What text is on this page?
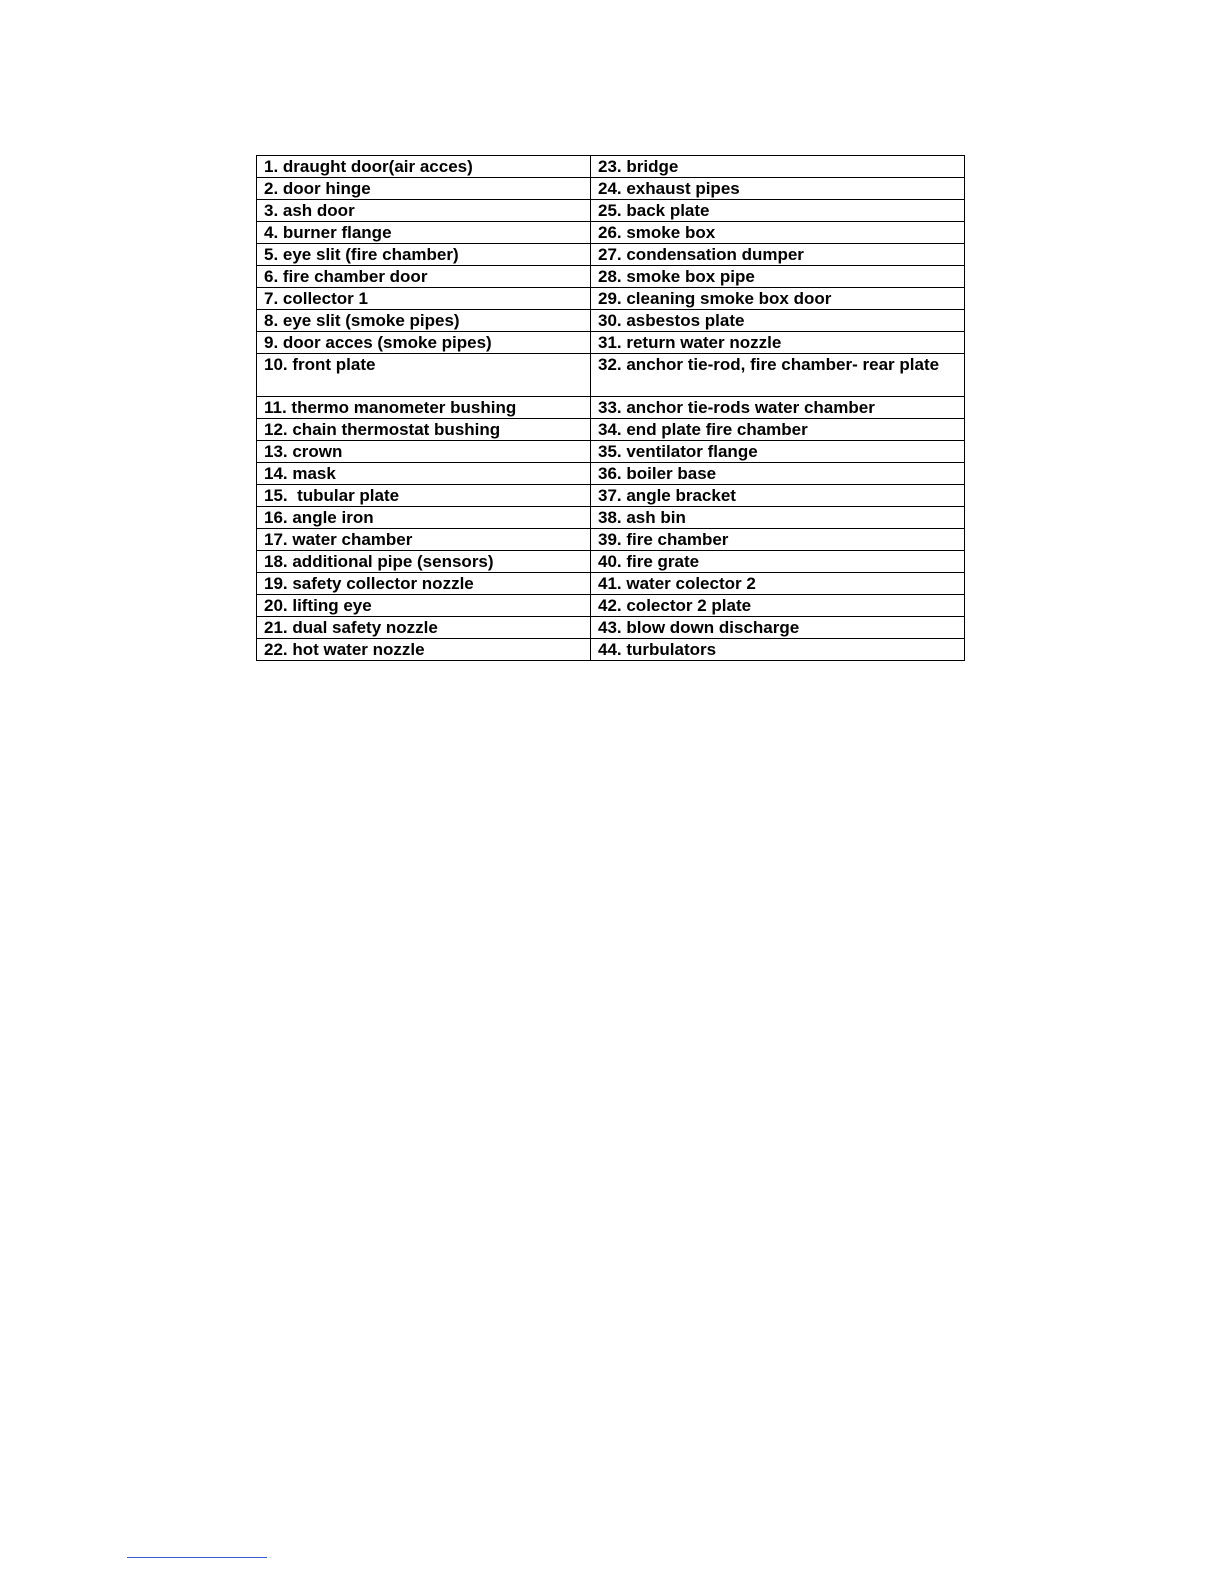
1. draught door(air acces)	23. bridge
2. door hinge	24. exhaust pipes
3. ash door	25. back plate
4. burner flange	26. smoke box
5. eye slit (fire chamber)	27. condensation dumper
6. fire chamber door	28. smoke box pipe
7. collector 1	29. cleaning smoke box door
8. eye slit (smoke pipes)	30. asbestos plate
9. door acces (smoke pipes)	31. return water nozzle
10. front plate	32. anchor tie-rod, fire chamber- rear plate
11. thermo manometer bushing	33. anchor tie-rods water chamber
12. chain thermostat bushing	34. end plate fire chamber
13. crown	35. ventilator flange
14. mask	36. boiler base
15.  tubular plate	37. angle bracket
16. angle iron	38. ash bin
17. water chamber	39. fire chamber
18. additional pipe (sensors)	40. fire grate
19. safety collector nozzle	41. water colector 2
20. lifting eye	42. colector 2 plate
21. dual safety nozzle	43. blow down discharge
22. hot water nozzle	44. turbulators
